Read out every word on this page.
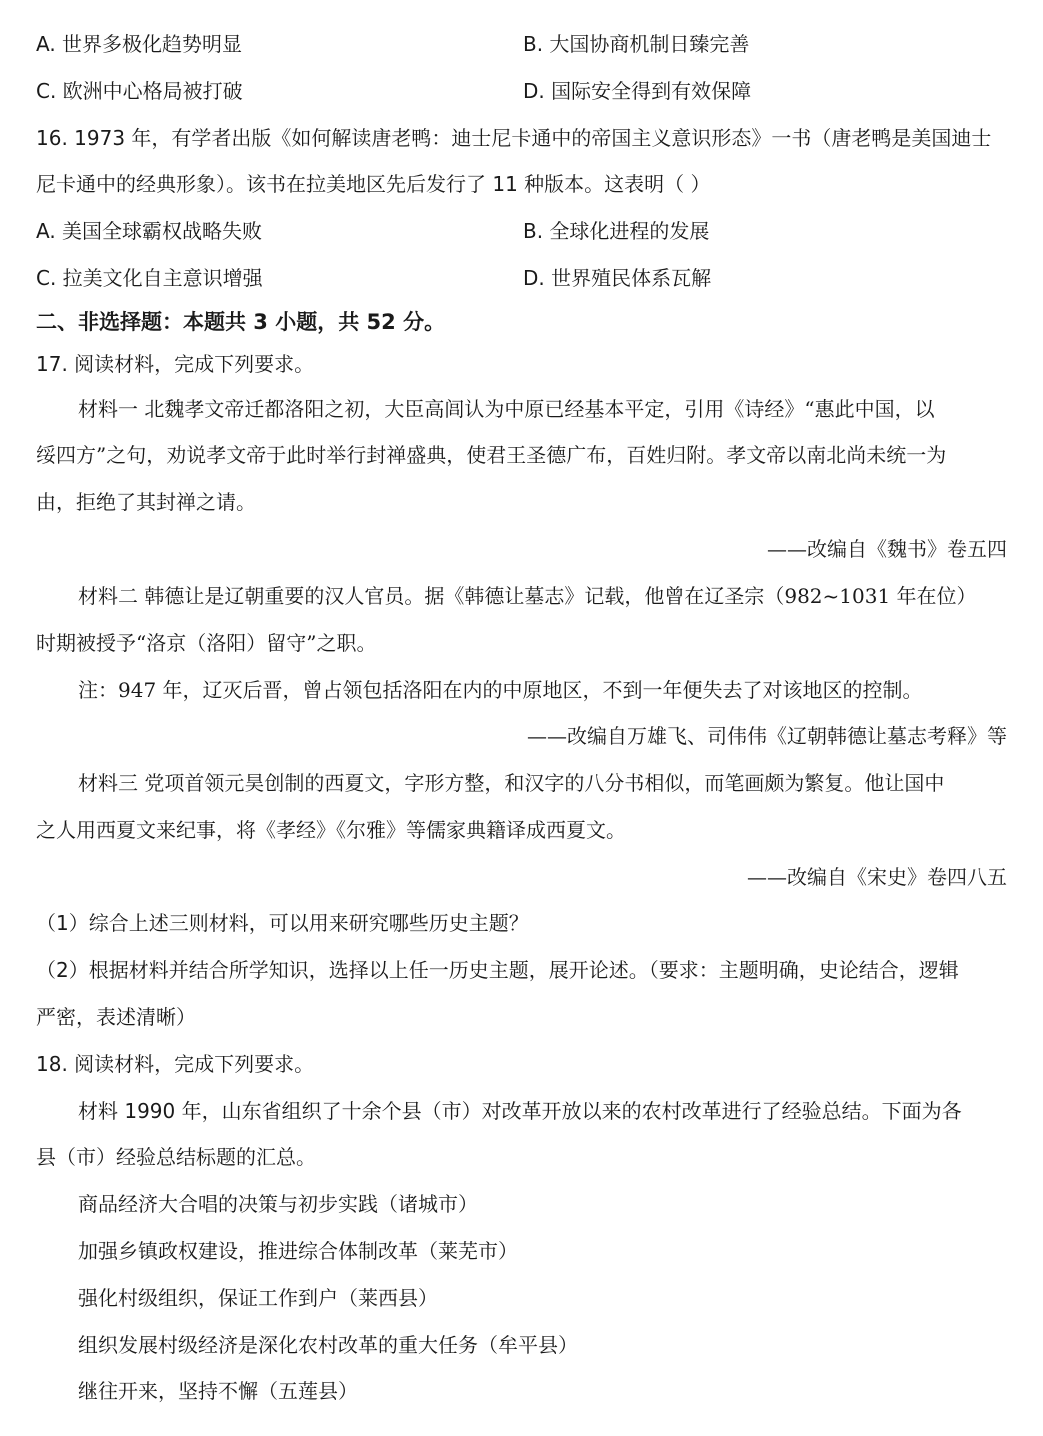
A. 世界多极化趋势明显	B. 大国协商机制日臻完善
C. 欧洲中心格局被打破	D. 国际安全得到有效保障
16. 1973 年，有学者出版《如何解读唐老鸭：迪士尼卡通中的帝国主义意识形态》一书（唐老鸭是美国迪士
尼卡通中的经典形象）。该书在拉美地区先后发行了 11 种版本。这表明（ ）
A. 美国全球霸权战略失败	B. 全球化进程的发展
C. 拉美文化自主意识增强	D. 世界殖民体系瓦解
二、非选择题：本题共 3 小题，共 52 分。
17. 阅读材料，完成下列要求。
材料一 北魏孝文帝迁都洛阳之初，大臣高闾认为中原已经基本平定，引用《诗经》“惠此中国，以
绥四方”之句，劝说孝文帝于此时举行封禅盛典，使君王圣德广布，百姓归附。孝文帝以南北尚未统一为
由，拒绝了其封禅之请。
——改编自《魏书》卷五四
材料二 韩德让是辽朝重要的汉人官员。据《韩德让墓志》记载，他曾在辽圣宗（982~1031 年在位）
时期被授予“洛京（洛阳）留守”之职。
注：947 年，辽灭后晋，曾占领包括洛阳在内的中原地区，不到一年便失去了对该地区的控制。
——改编自万雄飞、司伟伟《辽朝韩德让墓志考释》等
材料三 党项首领元昊创制的西夏文，字形方整，和汉字的八分书相似，而笔画颇为繁复。他让国中
之人用西夏文来纪事，将《孝经》《尔雅》等儒家典籍译成西夏文。
——改编自《宋史》卷四八五
（1）综合上述三则材料，可以用来研究哪些历史主题？
（2）根据材料并结合所学知识，选择以上任一历史主题，展开论述。（要求：主题明确，史论结合，逻辑
严密，表述清晰）
18. 阅读材料，完成下列要求。
材料 1990 年，山东省组织了十余个县（市）对改革开放以来的农村改革进行了经验总结。下面为各
县（市）经验总结标题的汇总。
商品经济大合唱的决策与初步实践（诸城市）
加强乡镇政权建设，推进综合体制改革（莱芜市）
强化村级组织，保证工作到户（莱西县）
组织发展村级经济是深化农村改革的重大任务（牟平县）
继往开来，坚持不懈（五莲县）
